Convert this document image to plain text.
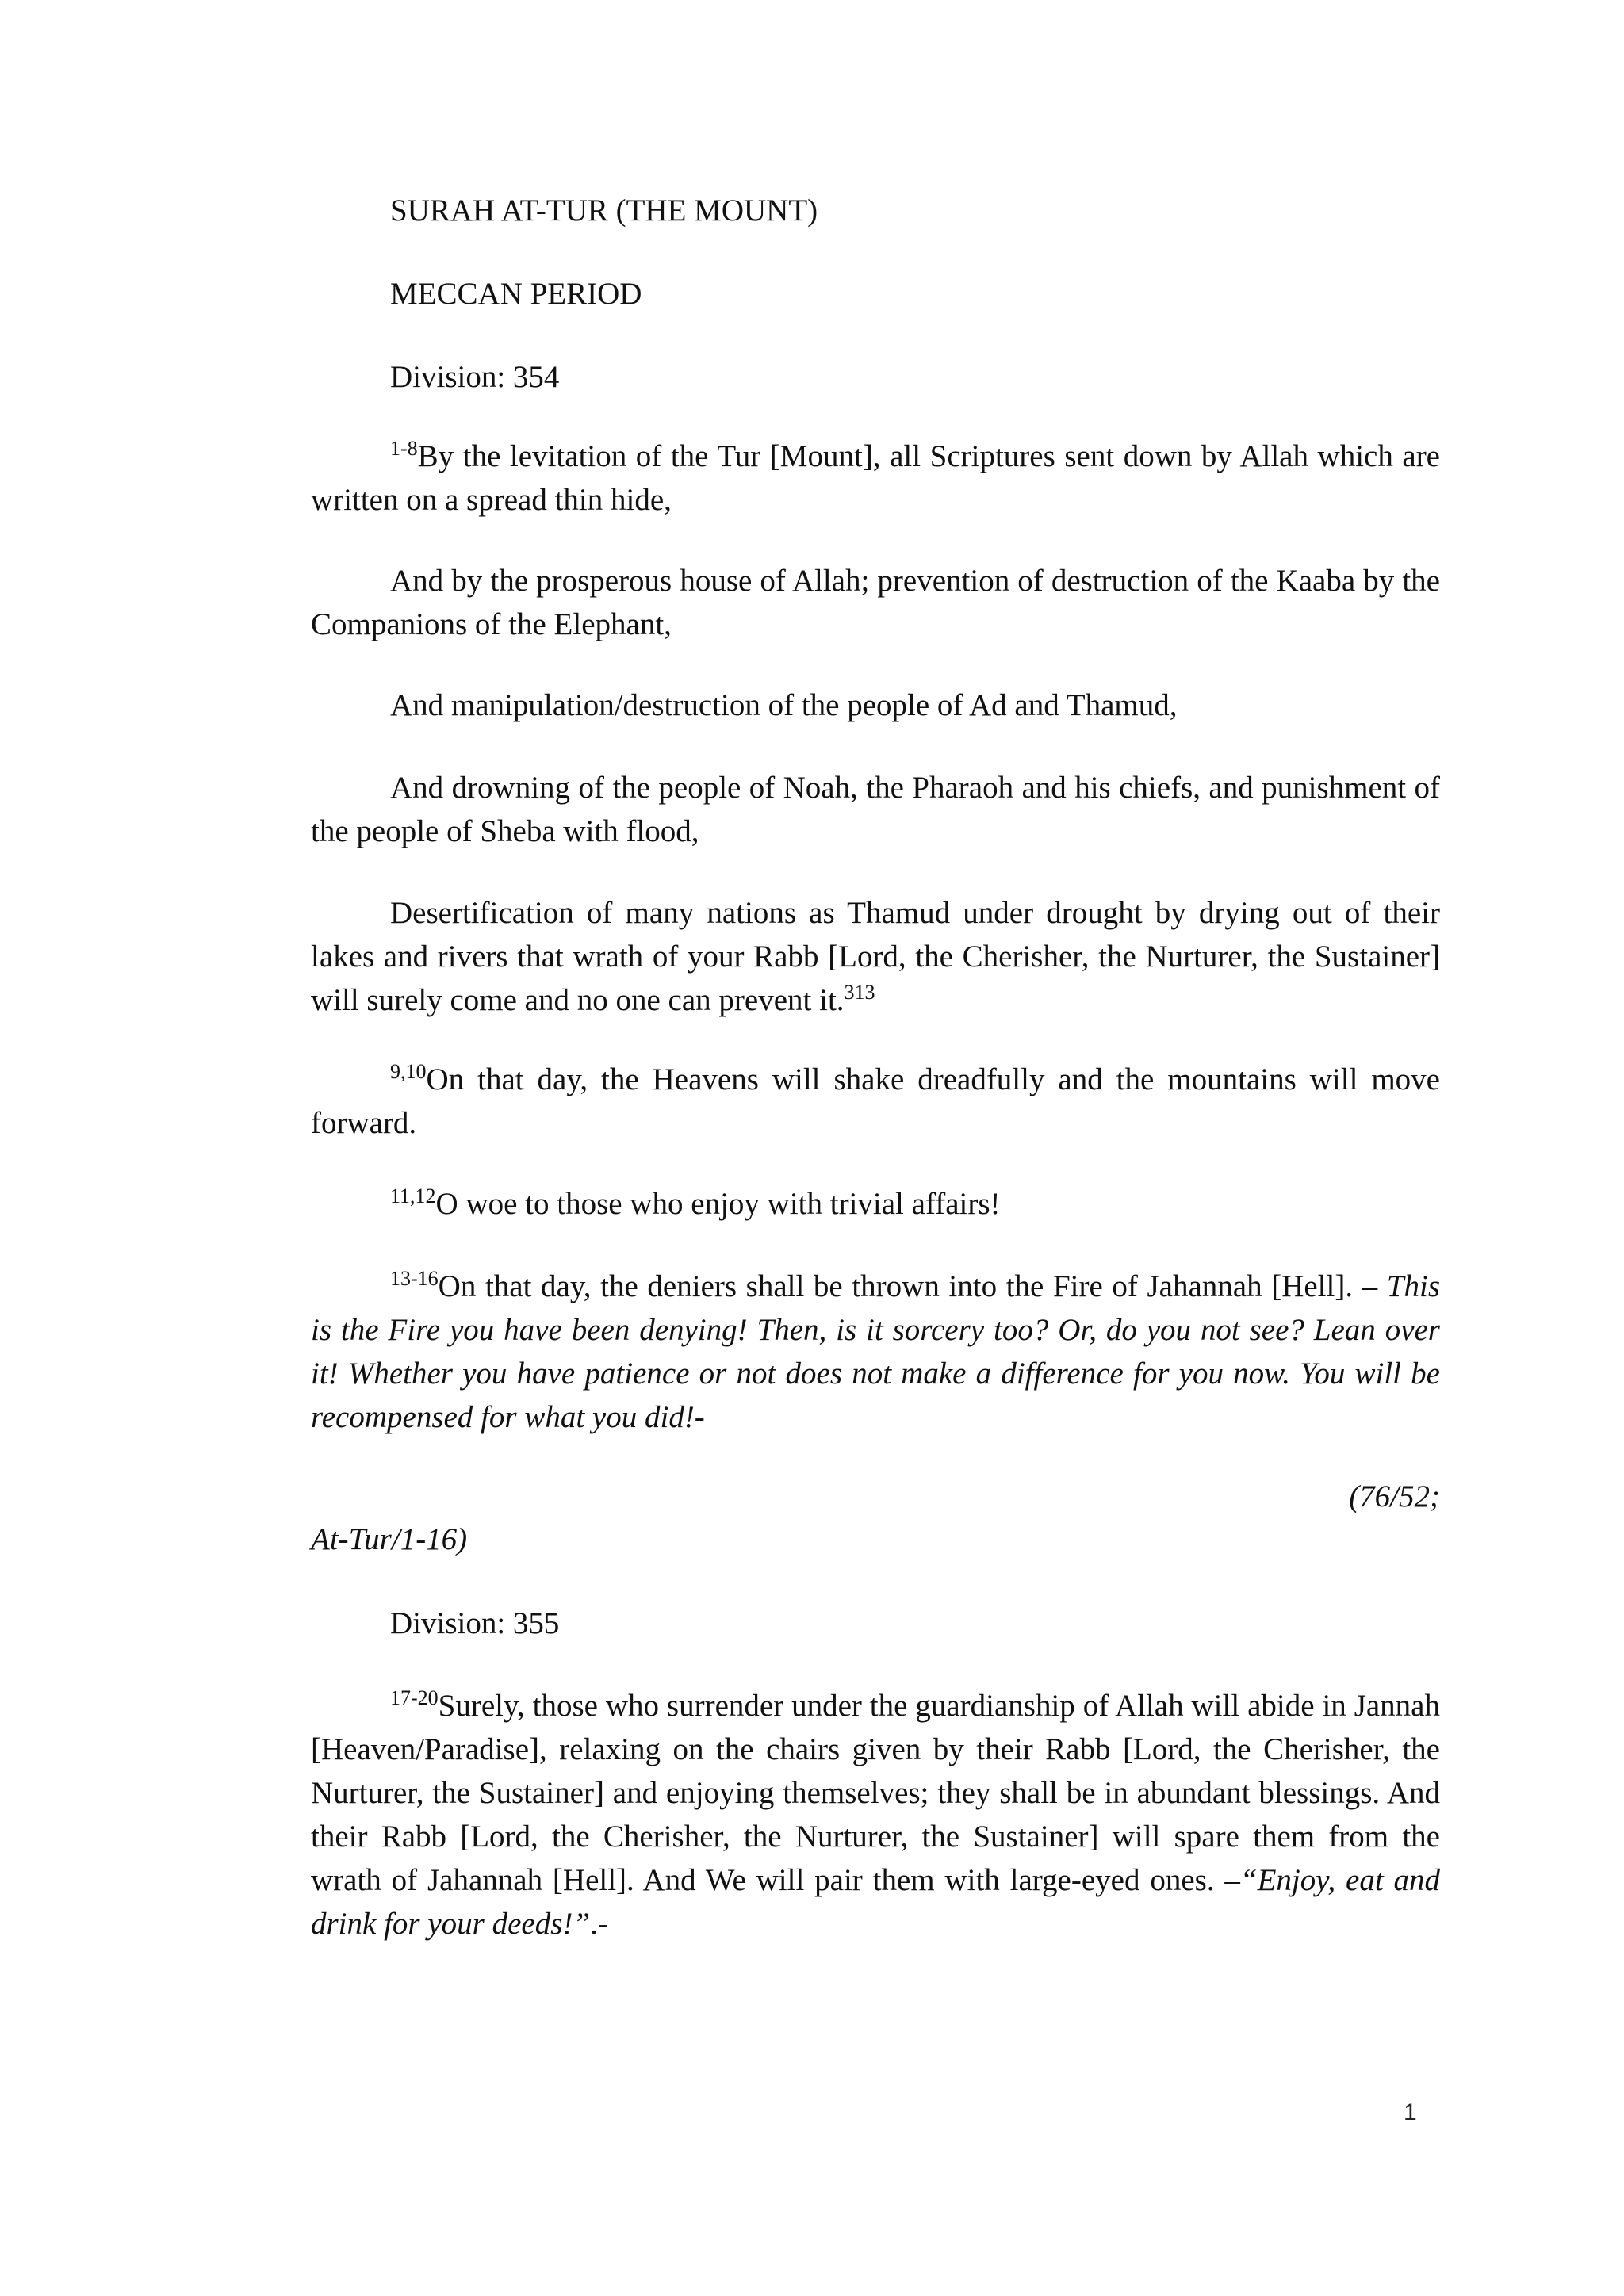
SURAH AT-TUR (THE MOUNT)

MECCAN PERIOD

Division: 354

$^{1-8}$By the levitation of the Tur [Mount], all Scriptures sent down by Allah which are written on a spread thin hide,

And by the prosperous house of Allah; prevention of destruction of the Kaaba by the Companions of the Elephant,

And manipulation/destruction of the people of Ad and Thamud,

And drowning of the people of Noah, the Pharaoh and his chiefs, and punishment of the people of Sheba with flood,

Desertification of many nations as Thamud under drought by drying out of their lakes and rivers that wrath of your Rabb [Lord, the Cherisher, the Nurturer, the Sustainer] will surely come and no one can prevent it.$^{313}$

$^{9,10}$On that day, the Heavens will shake dreadfully and the mountains will move forward.

$^{11,12}$O woe to those who enjoy with trivial affairs!

$^{13-16}$On that day, the deniers shall be thrown into the Fire of Jahannah [Hell]. – This is the Fire you have been denying! Then, is it sorcery too? Or, do you not see? Lean over it! Whether you have patience or not does not make a difference for you now. You will be recompensed for what you did!-

(76/52;

At-Tur/1-16)

Division: 355

$^{17-20}$Surely, those who surrender under the guardianship of Allah will abide in Jannah [Heaven/Paradise], relaxing on the chairs given by their Rabb [Lord, the Cherisher, the Nurturer, the Sustainer] and enjoying themselves; they shall be in abundant blessings. And their Rabb [Lord, the Cherisher, the Nurturer, the Sustainer] will spare them from the wrath of Jahannah [Hell]. And We will pair them with large-eyed ones. –“Enjoy, eat and drink for your deeds!”.-

1
